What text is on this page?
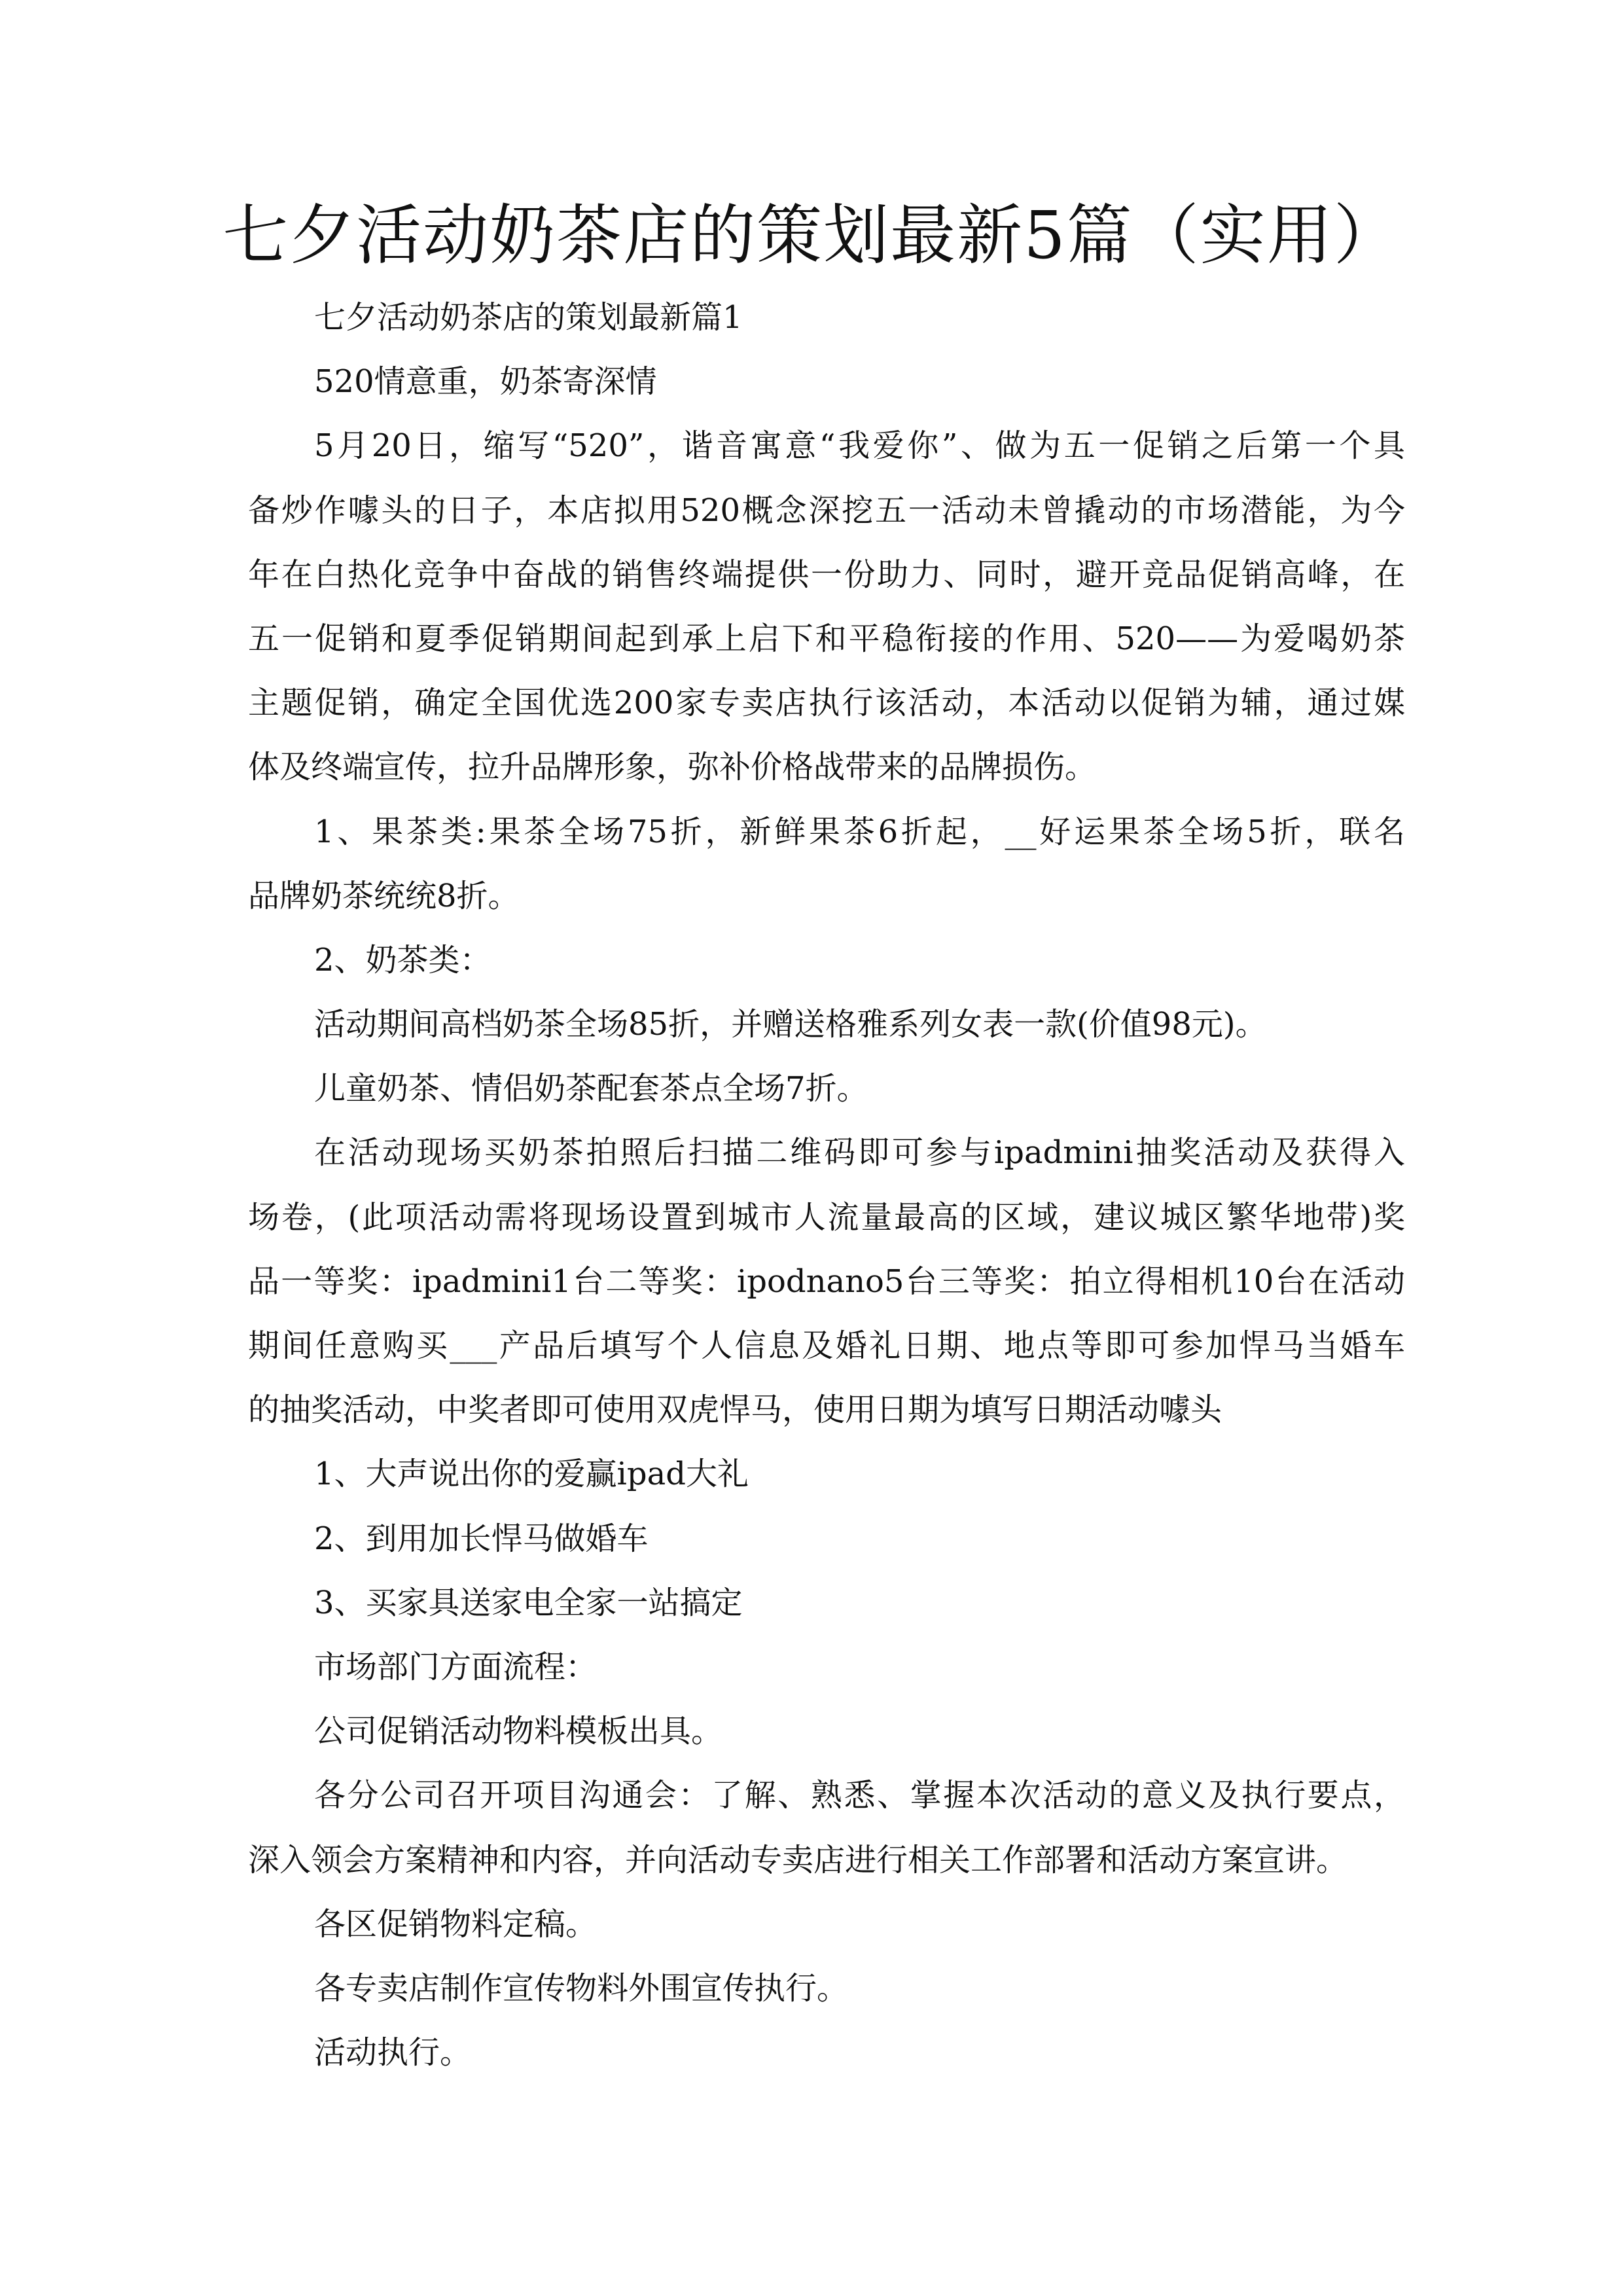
七夕活动奶茶店的策划最新5篇（实用）
七夕活动奶茶店的策划最新篇1
520情意重，奶茶寄深情
5月20日，缩写“520”，谐音寓意“我爱你”、做为五一促销之后第一个具
备炒作噱头的日子，本店拟用520概念深挖五一活动未曾撬动的市场潜能，为今
年在白热化竞争中奋战的销售终端提供一份助力、同时，避开竞品促销高峰，在
五一促销和夏季促销期间起到承上启下和平稳衔接的作用、520——为爱喝奶茶
主题促销，确定全国优选200家专卖店执行该活动，本活动以促销为辅，通过媒
体及终端宣传，拉升品牌形象，弥补价格战带来的品牌损伤。
1、果茶类:果茶全场75折，新鲜果茶6折起，__好运果茶全场5折，联名
品牌奶茶统统8折。
2、奶茶类：
活动期间高档奶茶全场85折，并赠送格雅系列女表一款(价值98元)。
儿童奶茶、情侣奶茶配套茶点全场7折。
在活动现场买奶茶拍照后扫描二维码即可参与ipadmini抽奖活动及获得入
场卷，(此项活动需将现场设置到城市人流量最高的区域，建议城区繁华地带)奖
品一等奖：ipadmini1台二等奖：ipodnano5台三等奖：拍立得相机10台在活动
期间任意购买___产品后填写个人信息及婚礼日期、地点等即可参加悍马当婚车
的抽奖活动，中奖者即可使用双虎悍马，使用日期为填写日期活动噱头
1、大声说出你的爱赢ipad大礼
2、到用加长悍马做婚车
3、买家具送家电全家一站搞定
市场部门方面流程：
公司促销活动物料模板出具。
各分公司召开项目沟通会：了解、熟悉、掌握本次活动的意义及执行要点，
深入领会方案精神和内容，并向活动专卖店进行相关工作部署和活动方案宣讲。
各区促销物料定稿。
各专卖店制作宣传物料外围宣传执行。
活动执行。
